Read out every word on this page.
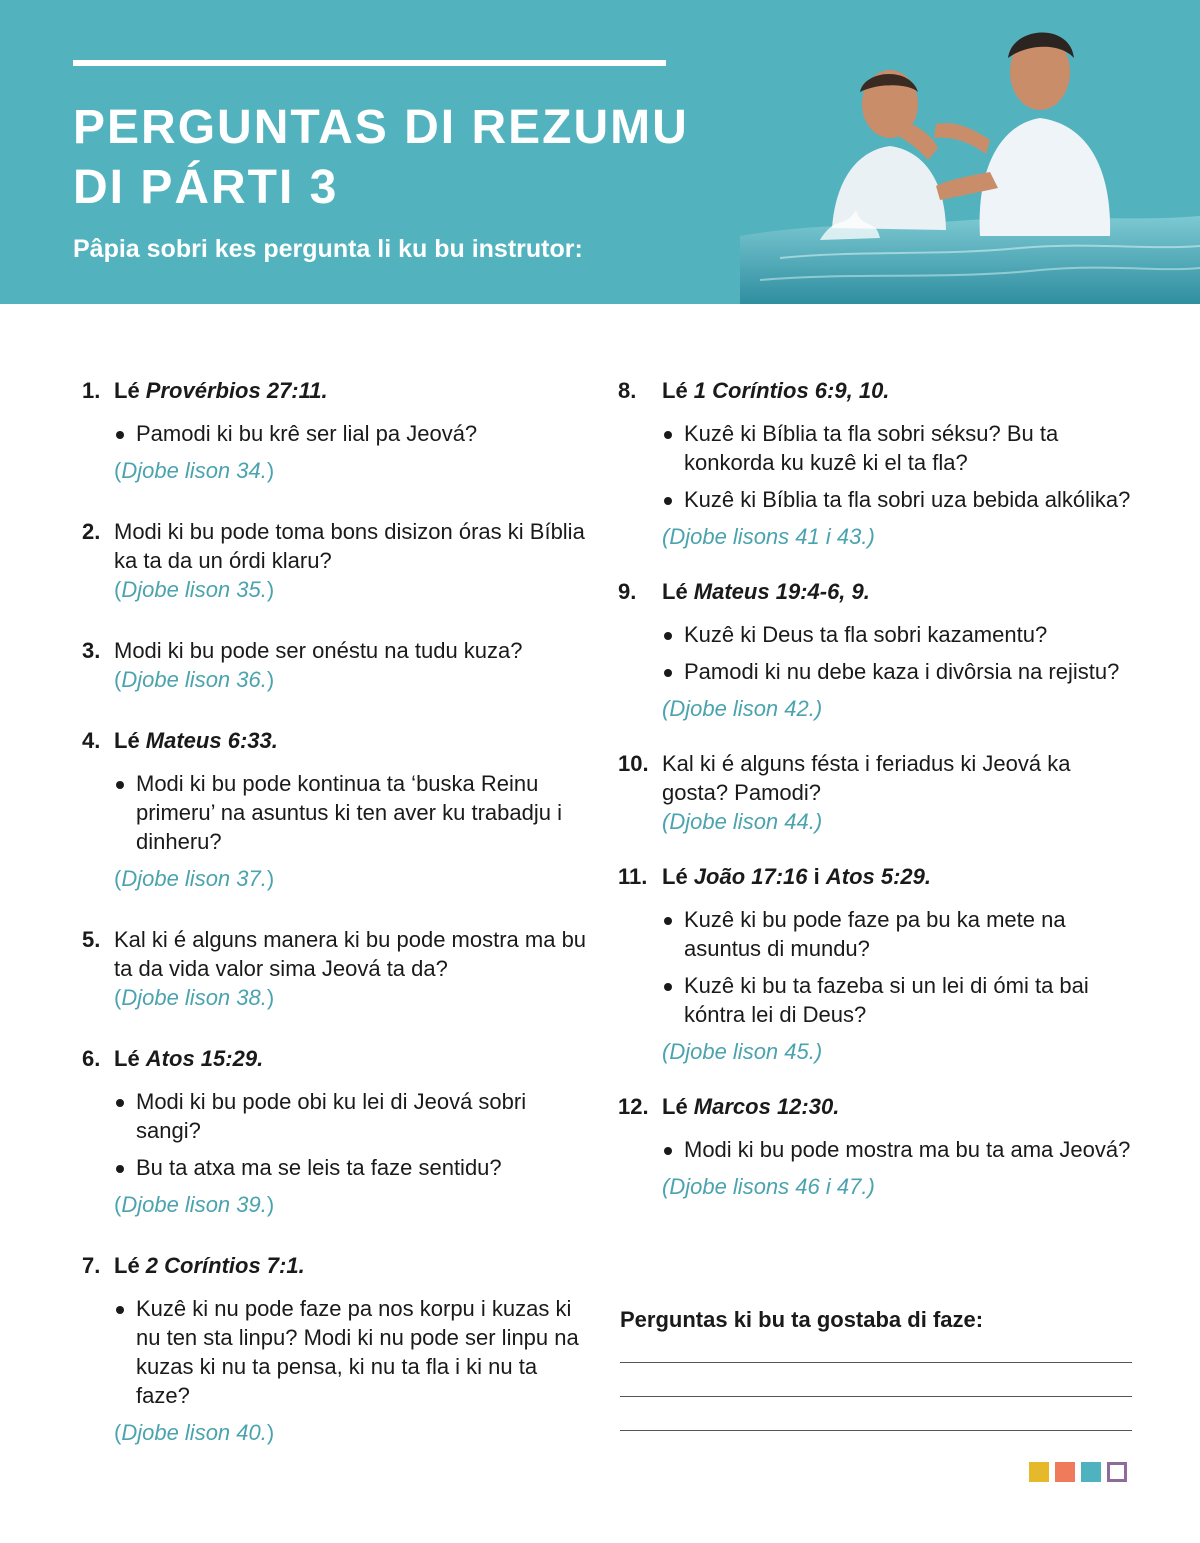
PERGUNTAS DI REZUMU
DI PÁRTI 3

Pâpia sobri kes pergunta li ku bu instrutor:

1. Lé Provérbios 27:11.
Pamodi ki bu krê ser lial pa Jeová?
(Djobe lison 34.)
2. Modi ki bu pode toma bons disizon óras ki Bíblia ka ta da un órdi klaru?
(Djobe lison 35.)
3. Modi ki bu pode ser onéstu na tudu kuza?
(Djobe lison 36.)
4. Lé Mateus 6:33.
Modi ki bu pode kontinua ta ‘buska Reinu primeru’ na asuntus ki ten aver ku trabadju i dinheru?
(Djobe lison 37.)
5. Kal ki é alguns manera ki bu pode mostra ma bu ta da vida valor sima Jeová ta da?
(Djobe lison 38.)
6. Lé Atos 15:29.
Modi ki bu pode obi ku lei di Jeová sobri sangi?
Bu ta atxa ma se leis ta faze sentidu?
(Djobe lison 39.)
7. Lé 2 Coríntios 7:1.
Kuzê ki nu pode faze pa nos korpu i kuzas ki nu ten sta linpu? Modi ki nu pode ser linpu na kuzas ki nu ta pensa, ki nu ta fla i ki nu ta faze?
(Djobe lison 40.)
8.	Lé 1 Coríntios 6:9, 10.
Kuzê ki Bíblia ta fla sobri séksu? Bu ta konkorda ku kuzê ki el ta fla?
Kuzê ki Bíblia ta fla sobri uza bebida alkólika?
(Djobe lisons 41 i 43.)
9.	Lé Mateus 19:4-6, 9.
Kuzê ki Deus ta fla sobri kazamentu?
Pamodi ki nu debe kaza i divôrsia na rejistu?
(Djobe lison 42.)
10. Kal ki é alguns fésta i feriadus ki Jeová ka gosta? Pamodi?
(Djobe lison 44.)
11. Lé João 17:16 i Atos 5:29.
Kuzê ki bu pode faze pa bu ka mete na asuntus di mundu?
Kuzê ki bu ta fazeba si un lei di ómi ta bai kóntra lei di Deus?
(Djobe lison 45.)
12. Lé Marcos 12:30.
Modi ki bu pode mostra ma bu ta ama Jeová?
(Djobe lisons 46 i 47.)
Perguntas ki bu ta gostaba di faze:
